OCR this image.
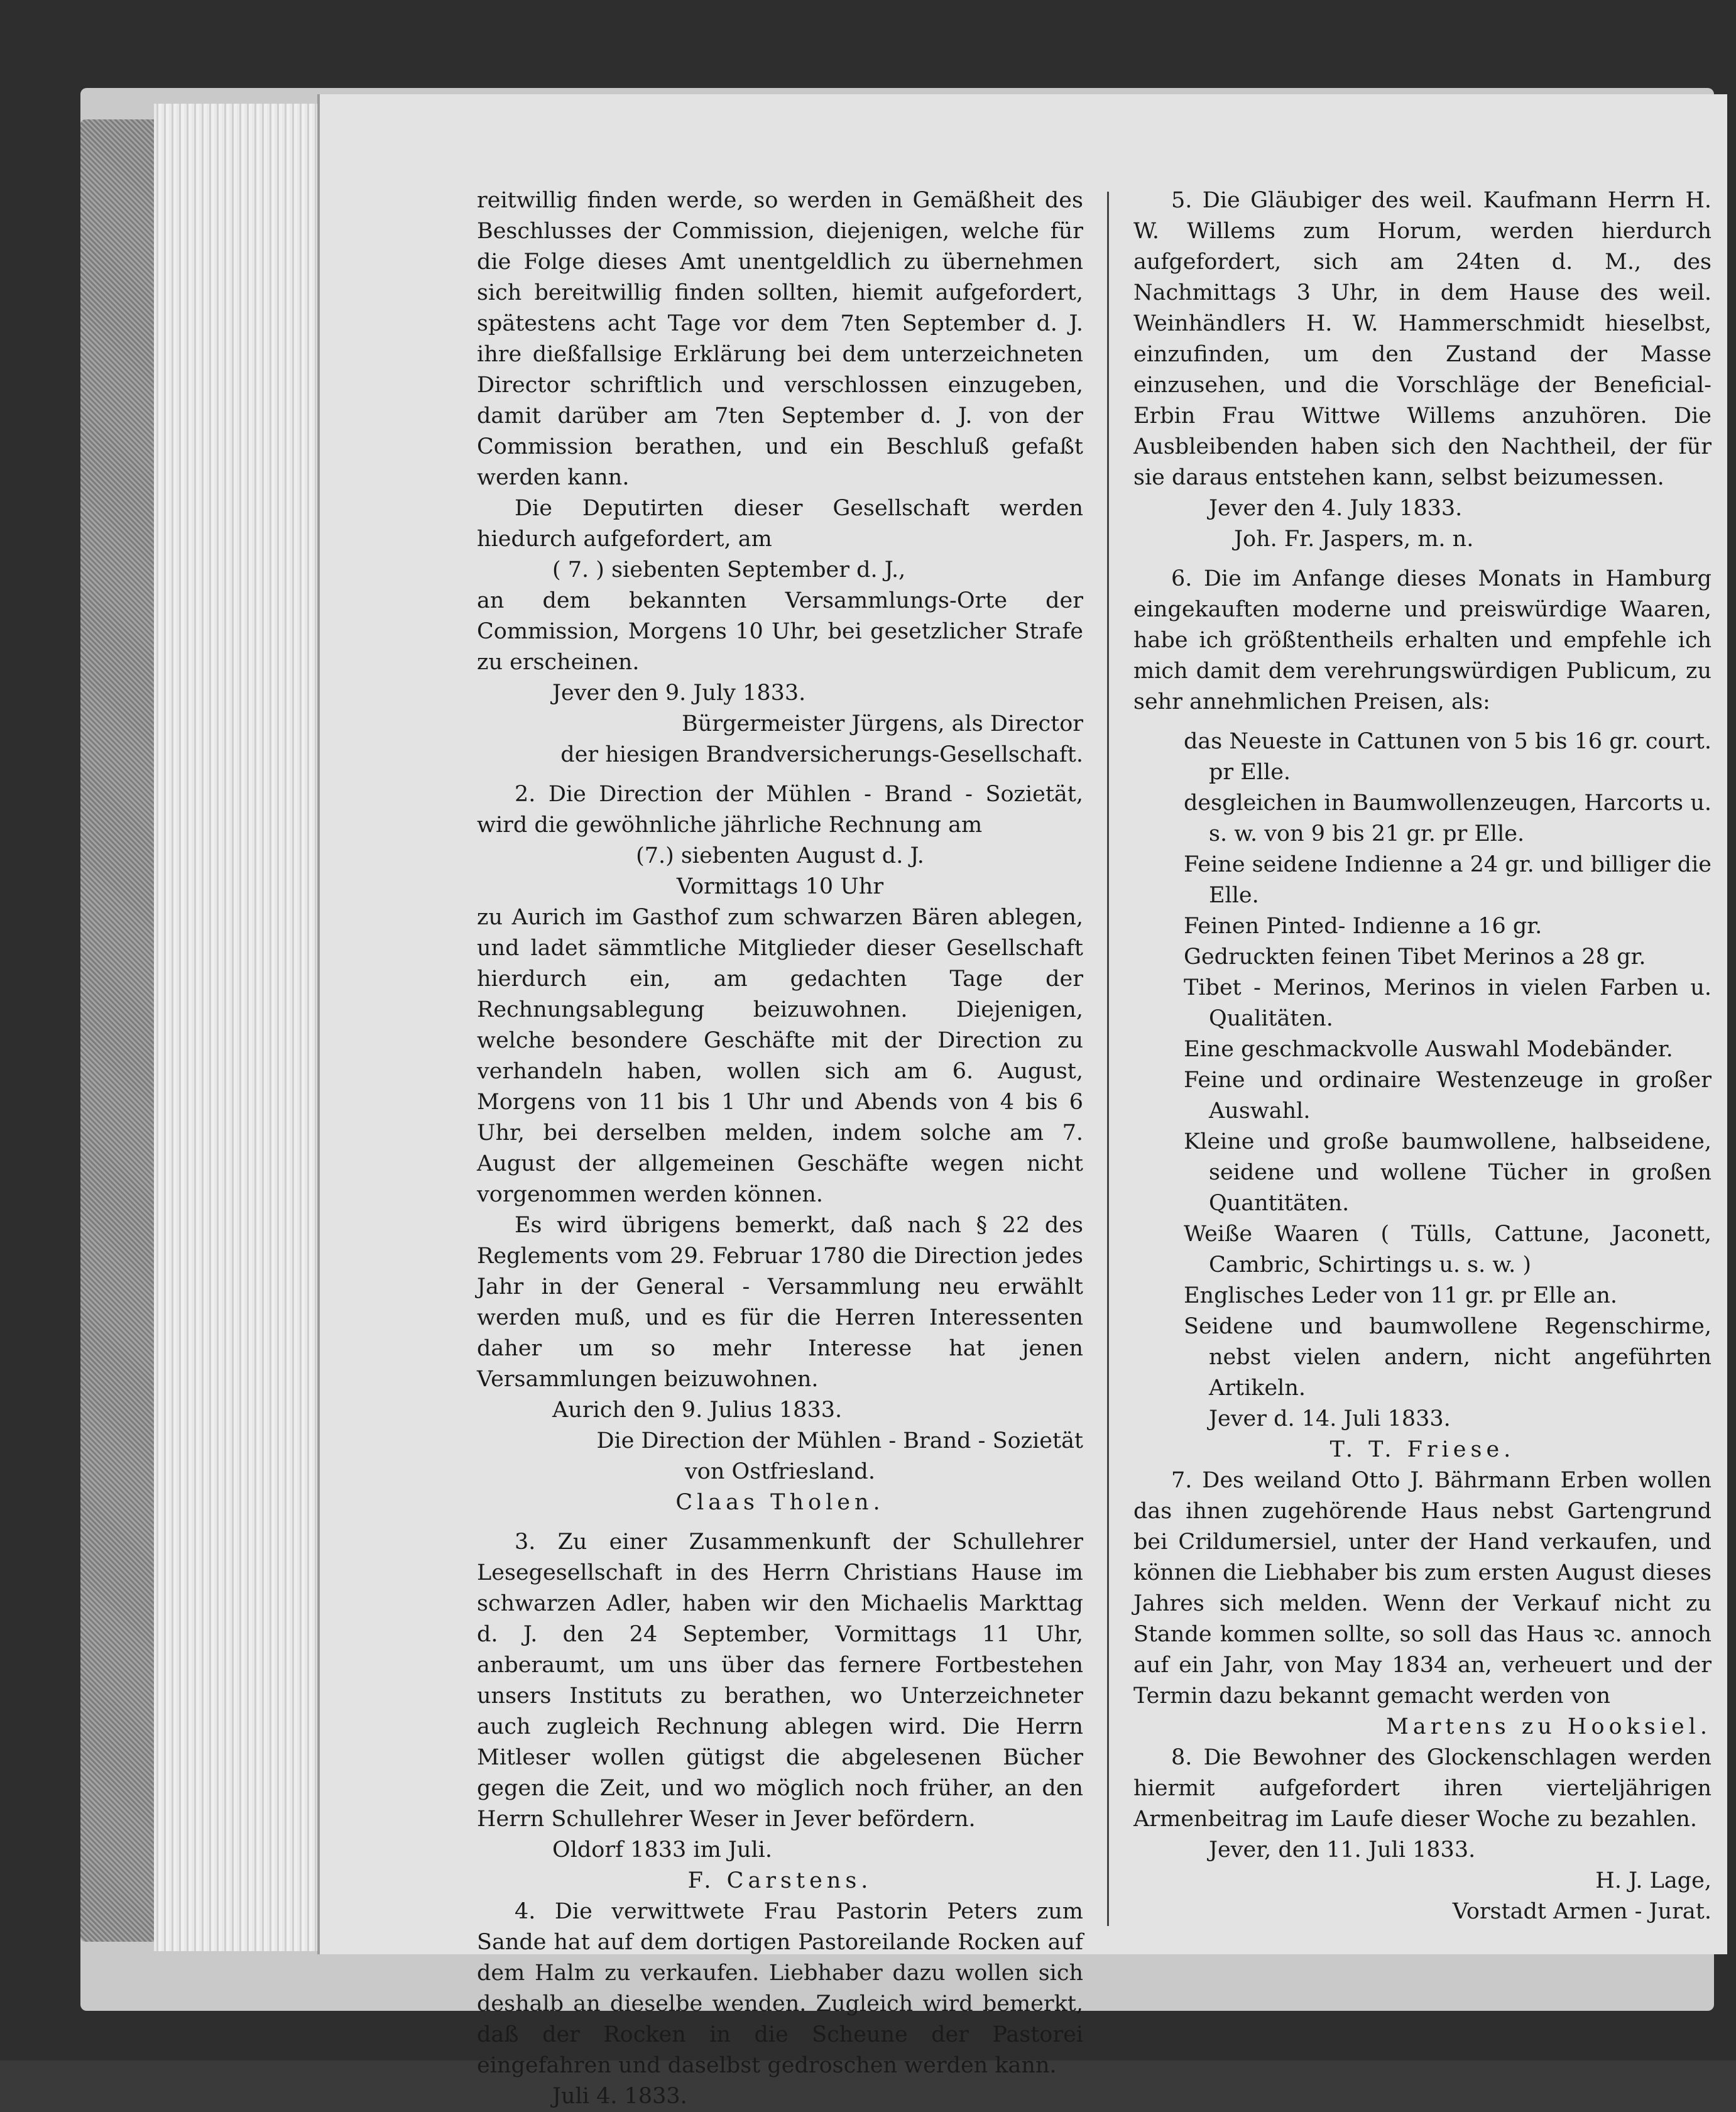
reitwillig finden werde, so werden in Gemäßheit des Beschlusses der Commission, diejenigen, welche für die Folge dieses Amt unentgeldlich zu übernehmen sich bereitwillig finden sollten, hiemit aufgefordert, spätestens acht Tage vor dem 7ten September d. J. ihre dießfallsige Erklärung bei dem unterzeichneten Director schriftlich und verschlossen einzugeben, damit darüber am 7ten September d. J. von der Commission berathen, und ein Beschluß gefaßt werden kann.

Die Deputirten dieser Gesellschaft werden hiedurch aufgefordert, am

( 7. ) siebenten September d. J.,

an dem bekannten Versammlungs-Orte der Commission, Morgens 10 Uhr, bei gesetzlicher Strafe zu erscheinen.

Jever den 9. July 1833.

Bürgermeister Jürgens, als Director

der hiesigen Brandversicherungs-Gesellschaft.

2. Die Direction der Mühlen - Brand - Sozietät, wird die gewöhnliche jährliche Rechnung am

(7.) siebenten August d. J.

Vormittags 10 Uhr

zu Aurich im Gasthof zum schwarzen Bären ablegen, und ladet sämmtliche Mitglieder dieser Gesellschaft hierdurch ein, am gedachten Tage der Rechnungsablegung beizuwohnen. Diejenigen, welche besondere Geschäfte mit der Direction zu verhandeln haben, wollen sich am 6. August, Morgens von 11 bis 1 Uhr und Abends von 4 bis 6 Uhr, bei derselben melden, indem solche am 7. August der allgemeinen Geschäfte wegen nicht vorgenommen werden können.

Es wird übrigens bemerkt, daß nach § 22 des Reglements vom 29. Februar 1780 die Direction jedes Jahr in der General - Versammlung neu erwählt werden muß, und es für die Herren Interessenten daher um so mehr Interesse hat jenen Versammlungen beizuwohnen.

Aurich den 9. Julius 1833.

Die Direction der Mühlen - Brand - Sozietät

von Ostfriesland.

Claas Tholen.

3. Zu einer Zusammenkunft der Schullehrer Lesegesellschaft in des Herrn Christians Hause im schwarzen Adler, haben wir den Michaelis Markttag d. J. den 24 September, Vormittags 11 Uhr, anberaumt, um uns über das fernere Fortbestehen unsers Instituts zu berathen, wo Unterzeichneter auch zugleich Rechnung ablegen wird. Die Herrn Mitleser wollen gütigst die abgelesenen Bücher gegen die Zeit, und wo möglich noch früher, an den Herrn Schullehrer Weser in Jever befördern.

Oldorf 1833 im Juli.

F. Carstens.

4. Die verwittwete Frau Pastorin Peters zum Sande hat auf dem dortigen Pastoreilande Rocken auf dem Halm zu verkaufen. Liebhaber dazu wollen sich deshalb an dieselbe wenden. Zugleich wird bemerkt, daß der Rocken in die Scheune der Pastorei eingefahren und daselbst gedroschen werden kann.

Juli 4. 1833.

5. Die Gläubiger des weil. Kaufmann Herrn H. W. Willems zum Horum, werden hierdurch aufgefordert, sich am 24ten d. M., des Nachmittags 3 Uhr, in dem Hause des weil. Weinhändlers H. W. Hammerschmidt hieselbst, einzufinden, um den Zustand der Masse einzusehen, und die Vorschläge der Beneficial-Erbin Frau Wittwe Willems anzuhören. Die Ausbleibenden haben sich den Nachtheil, der für sie daraus entstehen kann, selbst beizumessen.

Jever den 4. July 1833.

Joh. Fr. Jaspers, m. n.

6. Die im Anfange dieses Monats in Hamburg eingekauften moderne und preiswürdige Waaren, habe ich größtentheils erhalten und empfehle ich mich damit dem verehrungswürdigen Publicum, zu sehr annehmlichen Preisen, als:

das Neueste in Cattunen von 5 bis 16 gr. court. pr Elle.

desgleichen in Baumwollenzeugen, Harcorts u. s. w. von 9 bis 21 gr. pr Elle.

Feine seidene Indienne a 24 gr. und billiger die Elle.

Feinen Pinted- Indienne a 16 gr.

Gedruckten feinen Tibet Merinos a 28 gr.

Tibet - Merinos, Merinos in vielen Farben u. Qualitäten.

Eine geschmackvolle Auswahl Modebänder.

Feine und ordinaire Westenzeuge in großer Auswahl.

Kleine und große baumwollene, halbseidene, seidene und wollene Tücher in großen Quantitäten.

Weiße Waaren ( Tülls, Cattune, Jaconett, Cambric, Schirtings u. s. w. )

Englisches Leder von 11 gr. pr Elle an.

Seidene und baumwollene Regenschirme, nebst vielen andern, nicht angeführten Artikeln.

Jever d. 14. Juli 1833.

T. T. Friese.

7. Des weiland Otto J. Bährmann Erben wollen das ihnen zugehörende Haus nebst Gartengrund bei Crildumersiel, unter der Hand verkaufen, und können die Liebhaber bis zum ersten August dieses Jahres sich melden. Wenn der Verkauf nicht zu Stande kommen sollte, so soll das Haus ꝛc. annoch auf ein Jahr, von May 1834 an, verheuert und der Termin dazu bekannt gemacht werden von

Martens zu Hooksiel.

8. Die Bewohner des Glockenschlagen werden hiermit aufgefordert ihren vierteljährigen Armenbeitrag im Laufe dieser Woche zu bezahlen.

Jever, den 11. Juli 1833.

H. J. Lage,

Vorstadt Armen - Jurat.
